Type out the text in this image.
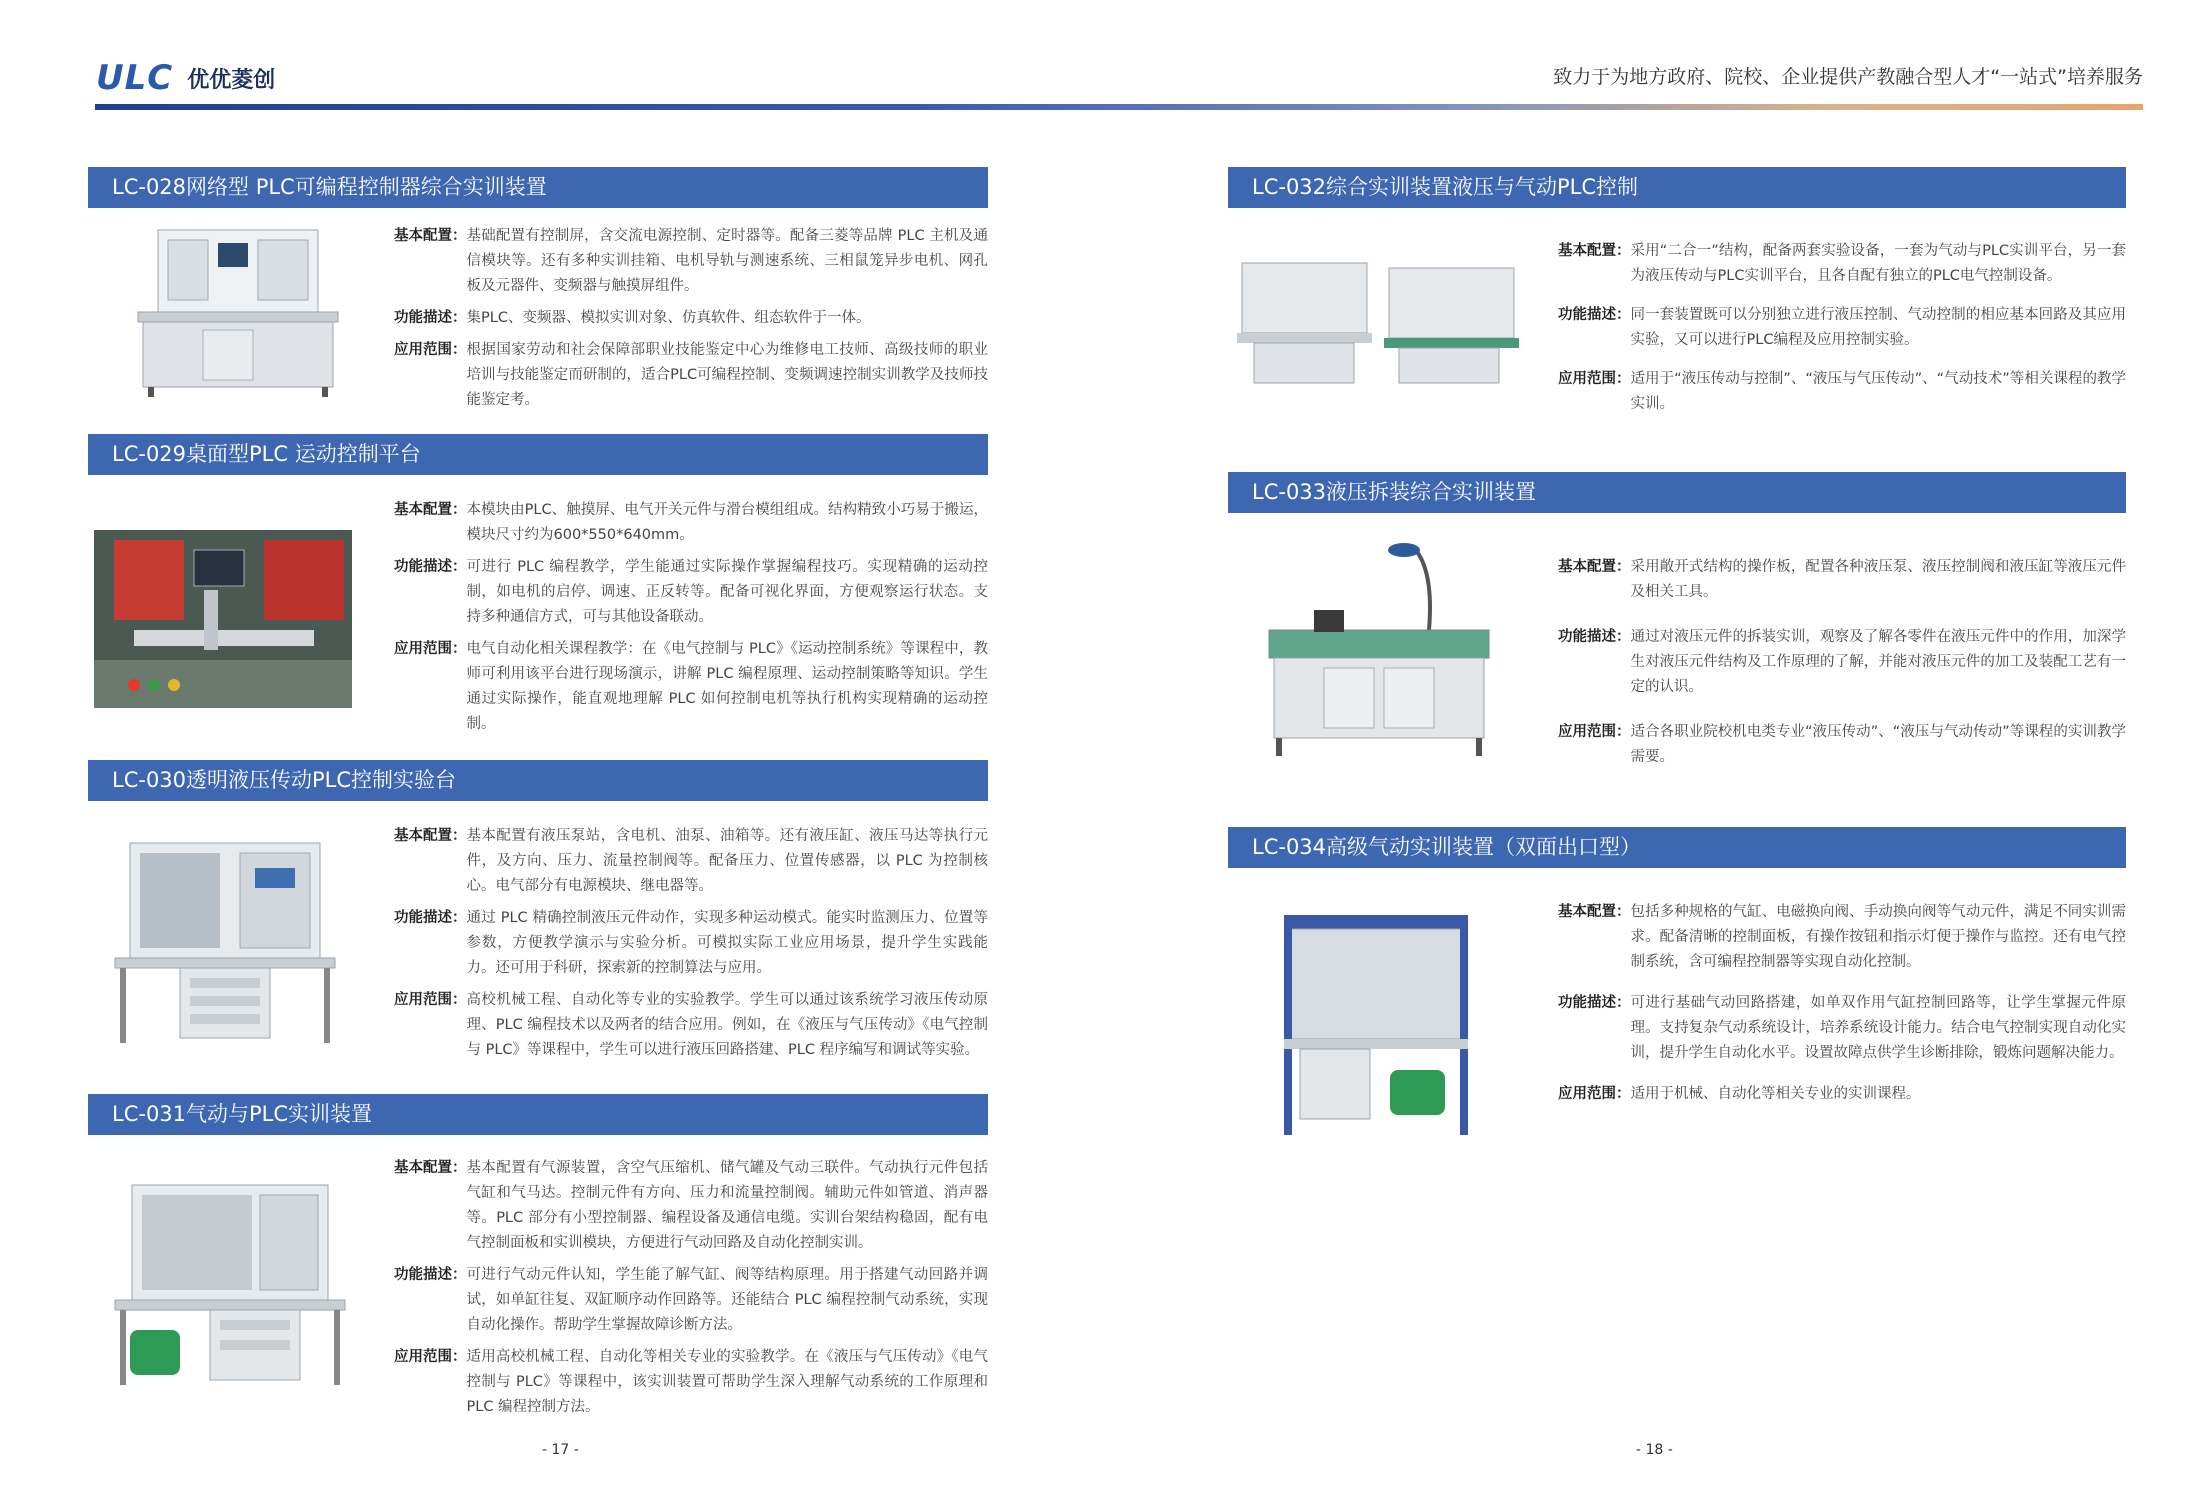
ULC 优优菱创	致力于为地方政府、院校、企业提供产教融合型人才“一站式”培养服务
LC-028网络型 PLC可编程控制器综合实训装置
基本配置： 基础配置有控制屏，含交流电源控制、定时器等。配备三菱等品牌 PLC 主机及通信模块等。还有多种实训挂箱、电机导轨与测速系统、三相鼠笼异步电机、网孔板及元器件、变频器与触摸屏组件。
功能描述： 集PLC、变频器、模拟实训对象、仿真软件、组态软件于一体。
应用范围： 根据国家劳动和社会保障部职业技能鉴定中心为维修电工技师、高级技师的职业培训与技能鉴定而研制的，适合PLC可编程控制、变频调速控制实训教学及技师技能鉴定考。
LC-029桌面型PLC 运动控制平台
基本配置： 本模块由PLC、触摸屏、电气开关元件与滑台模组组成。结构精致小巧易于搬运，模块尺寸约为600*550*640mm。
功能描述： 可进行 PLC 编程教学，学生能通过实际操作掌握编程技巧。实现精确的运动控制，如电机的启停、调速、正反转等。配备可视化界面，方便观察运行状态。支持多种通信方式，可与其他设备联动。
应用范围： 电气自动化相关课程教学：在《电气控制与 PLC》《运动控制系统》等课程中，教师可利用该平台进行现场演示，讲解 PLC 编程原理、运动控制策略等知识。学生通过实际操作，能直观地理解 PLC 如何控制电机等执行机构实现精确的运动控制。
LC-030透明液压传动PLC控制实验台
基本配置： 基本配置有液压泵站，含电机、油泵、油箱等。还有液压缸、液压马达等执行元件，及方向、压力、流量控制阀等。配备压力、位置传感器，以 PLC 为控制核心。电气部分有电源模块、继电器等。
功能描述： 通过 PLC 精确控制液压元件动作，实现多种运动模式。能实时监测压力、位置等参数，方便教学演示与实验分析。可模拟实际工业应用场景，提升学生实践能力。还可用于科研，探索新的控制算法与应用。
应用范围： 高校机械工程、自动化等专业的实验教学。学生可以通过该系统学习液压传动原理、PLC 编程技术以及两者的结合应用。例如，在《液压与气压传动》《电气控制与 PLC》等课程中，学生可以进行液压回路搭建、PLC 程序编写和调试等实验。
LC-031气动与PLC实训装置
基本配置： 基本配置有气源装置，含空气压缩机、储气罐及气动三联件。气动执行元件包括气缸和气马达。控制元件有方向、压力和流量控制阀。辅助元件如管道、消声器等。PLC 部分有小型控制器、编程设备及通信电缆。实训台架结构稳固，配有电气控制面板和实训模块，方便进行气动回路及自动化控制实训。
功能描述： 可进行气动元件认知，学生能了解气缸、阀等结构原理。用于搭建气动回路并调试，如单缸往复、双缸顺序动作回路等。还能结合 PLC 编程控制气动系统，实现自动化操作。帮助学生掌握故障诊断方法。
应用范围： 适用高校机械工程、自动化等相关专业的实验教学。在《液压与气压传动》《电气控制与 PLC》等课程中，该实训装置可帮助学生深入理解气动系统的工作原理和 PLC 编程控制方法。
- 17 -
LC-032综合实训装置液压与气动PLC控制
基本配置： 采用“二合一”结构，配备两套实验设备，一套为气动与PLC实训平台，另一套为液压传动与PLC实训平台，且各自配有独立的PLC电气控制设备。
功能描述： 同一套装置既可以分别独立进行液压控制、气动控制的相应基本回路及其应用实验，又可以进行PLC编程及应用控制实验。
应用范围： 适用于“液压传动与控制”、“液压与气压传动”、“气动技术”等相关课程的教学实训。
LC-033液压拆装综合实训装置
基本配置： 采用敞开式结构的操作板，配置各种液压泵、液压控制阀和液压缸等液压元件及相关工具。
功能描述： 通过对液压元件的拆装实训，观察及了解各零件在液压元件中的作用，加深学生对液压元件结构及工作原理的了解，并能对液压元件的加工及装配工艺有一定的认识。
应用范围： 适合各职业院校机电类专业“液压传动”、“液压与气动传动”等课程的实训教学需要。
LC-034高级气动实训装置（双面出口型）
基本配置： 包括多种规格的气缸、电磁换向阀、手动换向阀等气动元件，满足不同实训需求。配备清晰的控制面板，有操作按钮和指示灯便于操作与监控。还有电气控制系统，含可编程控制器等实现自动化控制。
功能描述： 可进行基础气动回路搭建，如单双作用气缸控制回路等，让学生掌握元件原理。支持复杂气动系统设计，培养系统设计能力。结合电气控制实现自动化实训，提升学生自动化水平。设置故障点供学生诊断排除，锻炼问题解决能力。
应用范围： 适用于机械、自动化等相关专业的实训课程。
- 18 -
